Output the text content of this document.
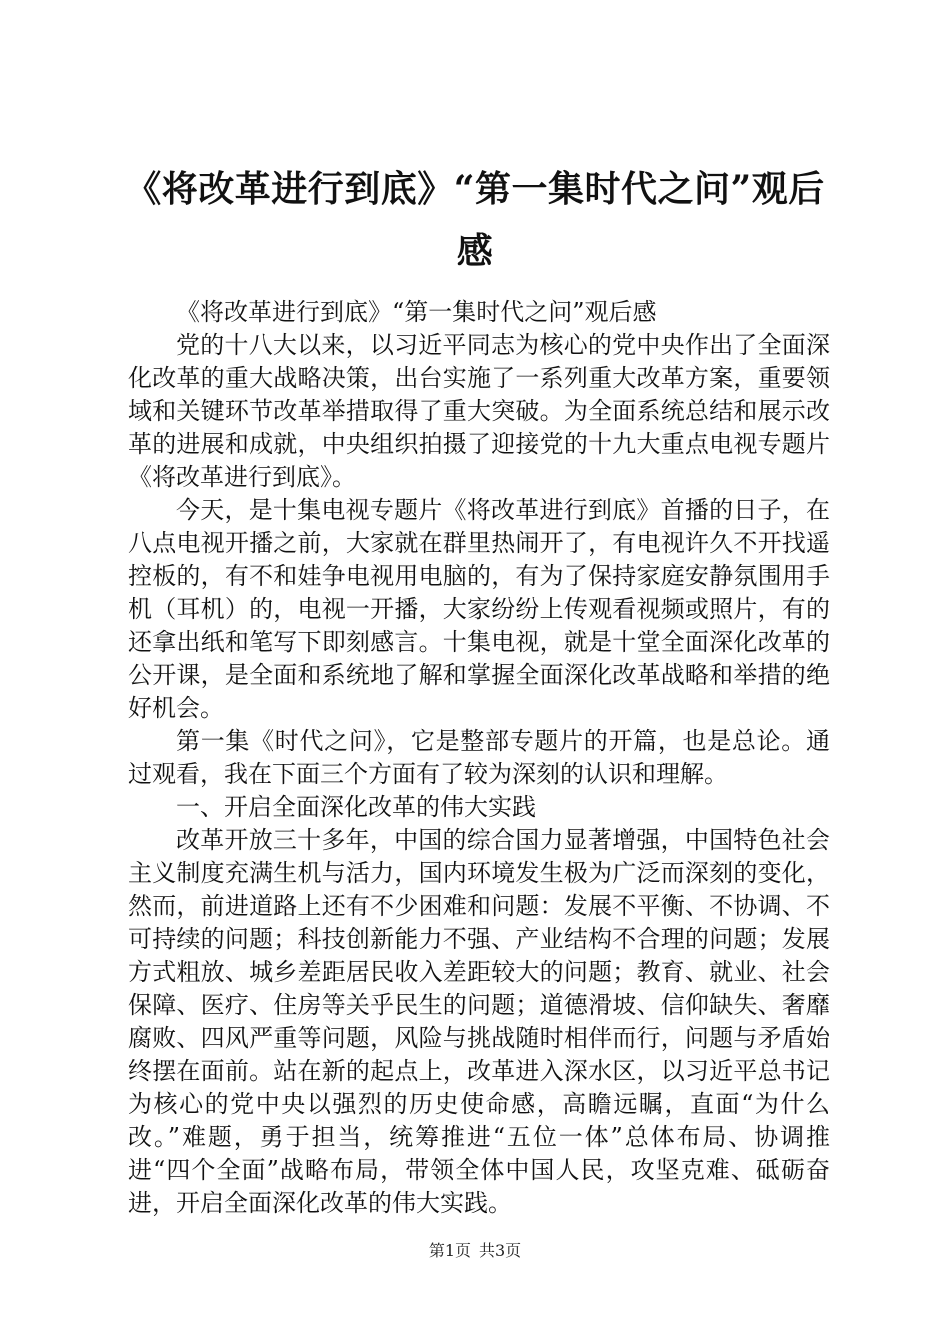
《将改革进行到底》“第一集时代之问”观后感

《将改革进行到底》“第一集时代之问”观后感

党的十八大以来，以习近平同志为核心的党中央作出了全面深化改革的重大战略决策，出台实施了一系列重大改革方案，重要领域和关键环节改革举措取得了重大突破。为全面系统总结和展示改革的进展和成就，中央组织拍摄了迎接党的十九大重点电视专题片《将改革进行到底》。

今天，是十集电视专题片《将改革进行到底》首播的日子，在八点电视开播之前，大家就在群里热闹开了，有电视许久不开找遥控板的，有不和娃争电视用电脑的，有为了保持家庭安静氛围用手机（耳机）的，电视一开播，大家纷纷上传观看视频或照片，有的还拿出纸和笔写下即刻感言。十集电视，就是十堂全面深化改革的公开课，是全面和系统地了解和掌握全面深化改革战略和举措的绝好机会。

第一集《时代之问》，它是整部专题片的开篇，也是总论。通过观看，我在下面三个方面有了较为深刻的认识和理解。

一、开启全面深化改革的伟大实践

改革开放三十多年，中国的综合国力显著增强，中国特色社会主义制度充满生机与活力，国内环境发生极为广泛而深刻的变化，然而，前进道路上还有不少困难和问题：发展不平衡、不协调、不可持续的问题；科技创新能力不强、产业结构不合理的问题；发展方式粗放、城乡差距居民收入差距较大的问题；教育、就业、社会保障、医疗、住房等关乎民生的问题；道德滑坡、信仰缺失、奢靡腐败、四风严重等问题，风险与挑战随时相伴而行，问题与矛盾始终摆在面前。站在新的起点上，改革进入深水区，以习近平总书记为核心的党中央以强烈的历史使命感，高瞻远瞩，直面“为什么改。”难题，勇于担当，统筹推进“五位一体”总体布局、协调推进“四个全面”战略布局，带领全体中国人民，攻坚克难、砥砺奋进，开启全面深化改革的伟大实践。

第1页 共3页
